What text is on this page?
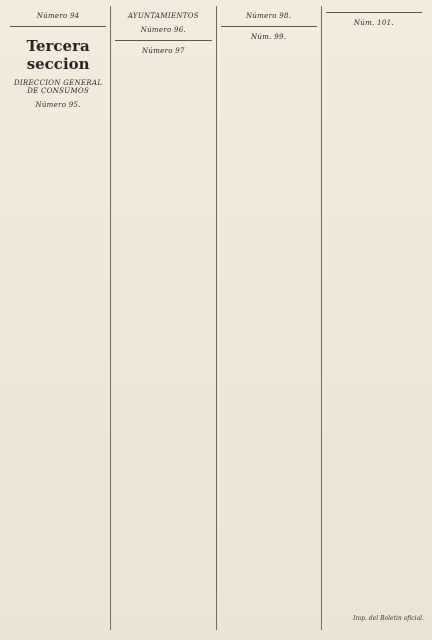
Número 94
Tercera seccion
DIRECCION GENERAL DE CONSUMOS
Número 95.
AYUNTAMIENTOS
Número 96.
Número 97
Número 98.
Núm. 99.
Núm. 101.
Imp. del Boletin oficial.
